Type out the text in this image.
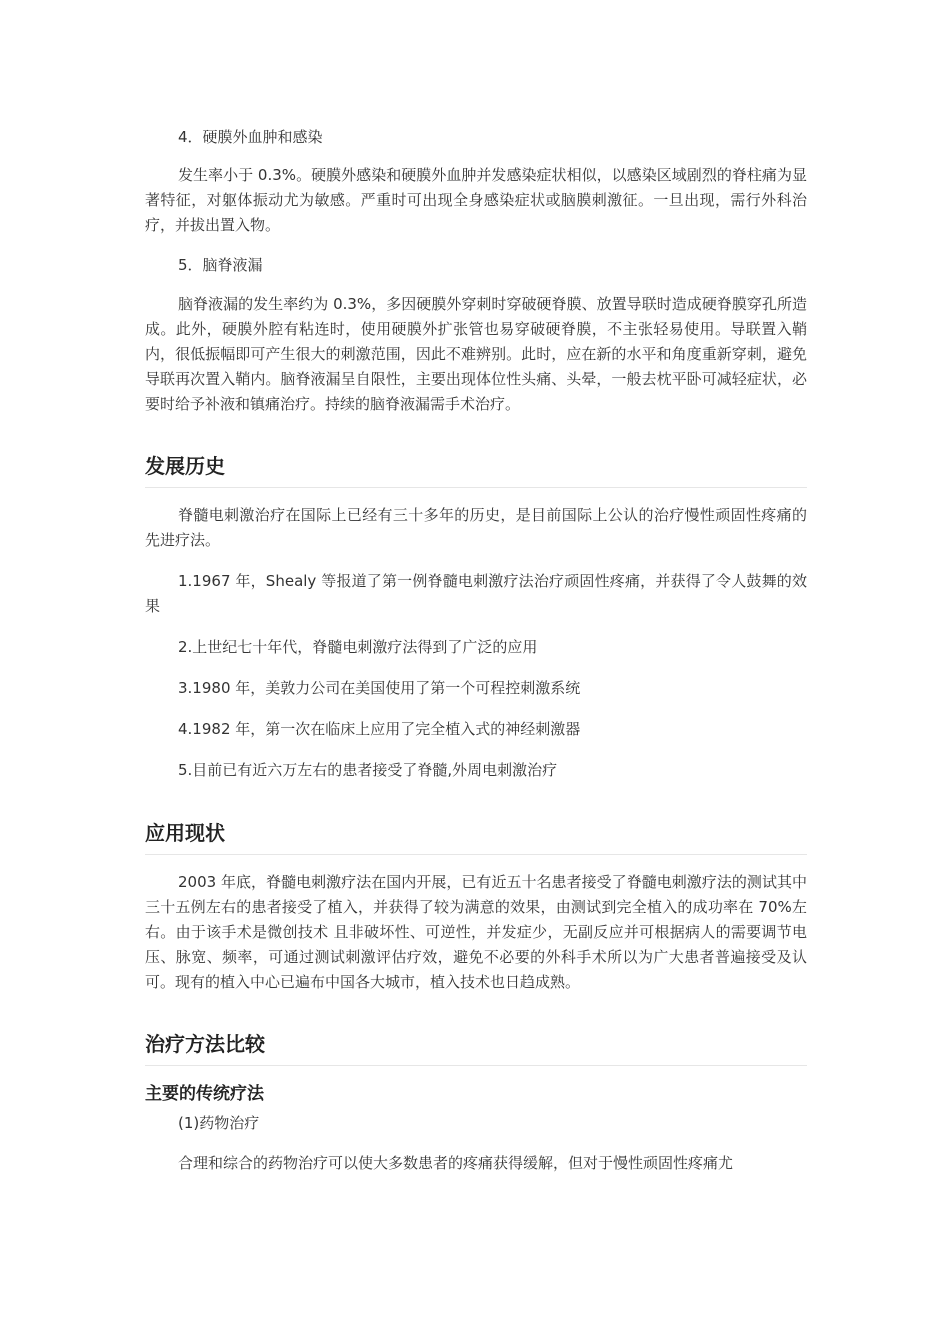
4．硬膜外血肿和感染

发生率小于 0.3%。硬膜外感染和硬膜外血肿并发感染症状相似，以感染区域剧烈的脊柱痛为显著特征，对躯体振动尤为敏感。严重时可出现全身感染症状或脑膜刺激征。一旦出现，需行外科治疗，并拔出置入物。

5．脑脊液漏

脑脊液漏的发生率约为 0.3%，多因硬膜外穿刺时穿破硬脊膜、放置导联时造成硬脊膜穿孔所造成。此外，硬膜外腔有粘连时，使用硬膜外扩张管也易穿破硬脊膜，不主张轻易使用。导联置入鞘内，很低振幅即可产生很大的刺激范围，因此不难辨别。此时，应在新的水平和角度重新穿刺，避免导联再次置入鞘内。脑脊液漏呈自限性，主要出现体位性头痛、头晕，一般去枕平卧可减轻症状，必要时给予补液和镇痛治疗。持续的脑脊液漏需手术治疗。

发展历史

脊髓电刺激治疗在国际上已经有三十多年的历史，是目前国际上公认的治疗慢性顽固性疼痛的先进疗法。

1.1967 年，Shealy 等报道了第一例脊髓电刺激疗法治疗顽固性疼痛，并获得了令人鼓舞的效果

2.上世纪七十年代，脊髓电刺激疗法得到了广泛的应用

3.1980 年，美敦力公司在美国使用了第一个可程控刺激系统

4.1982 年，第一次在临床上应用了完全植入式的神经刺激器

5.目前已有近六万左右的患者接受了脊髓,外周电刺激治疗

应用现状

2003 年底，脊髓电刺激疗法在国内开展，已有近五十名患者接受了脊髓电刺激疗法的测试其中三十五例左右的患者接受了植入，并获得了较为满意的效果，由测试到完全植入的成功率在 70%左右。由于该手术是微创技术 且非破坏性、可逆性，并发症少，无副反应并可根据病人的需要调节电压、脉宽、频率，可通过测试刺激评估疗效，避免不必要的外科手术所以为广大患者普遍接受及认可。现有的植入中心已遍布中国各大城市，植入技术也日趋成熟。

治疗方法比较
主要的传统疗法

(1)药物治疗

合理和综合的药物治疗可以使大多数患者的疼痛获得缓解，但对于慢性顽固性疼痛尤
